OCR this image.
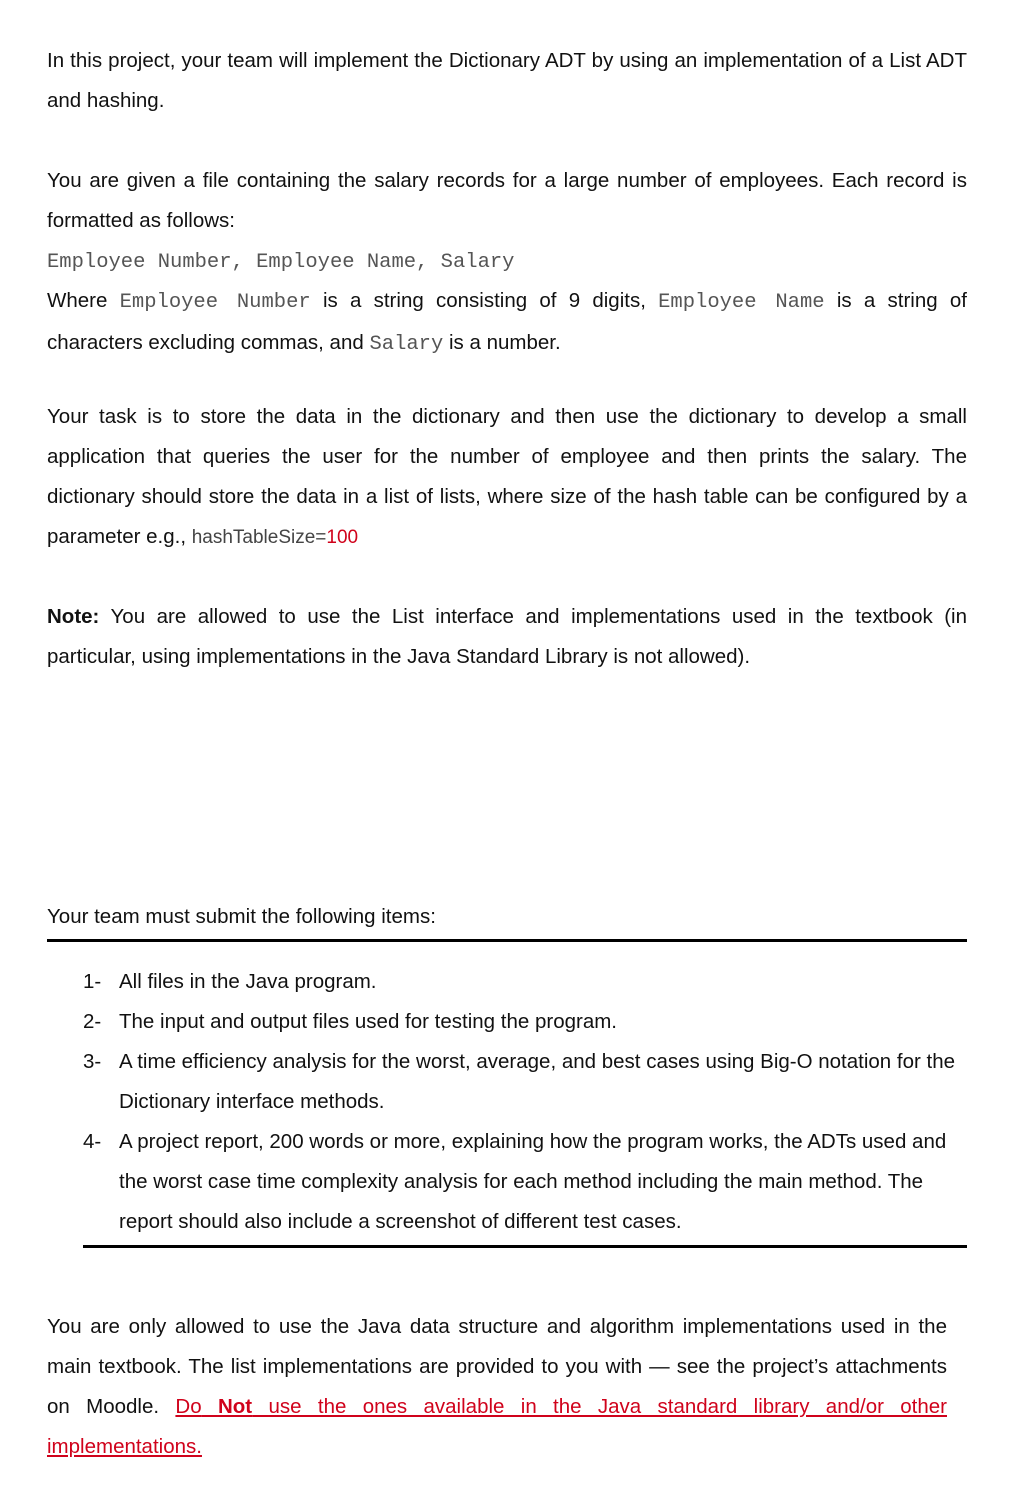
In this project, your team will implement the Dictionary ADT by using an implementation of a List ADT and hashing.

You are given a file containing the salary records for a large number of employees. Each record is formatted as follows:
Employee Number, Employee Name, Salary
Where Employee Number is a string consisting of 9 digits, Employee Name is a string of characters excluding commas, and Salary is a number.

Your task is to store the data in the dictionary and then use the dictionary to develop a small application that queries the user for the number of employee and then prints the salary. The dictionary should store the data in a list of lists, where size of the hash table can be configured by a parameter e.g., hashTableSize=100

Note: You are allowed to use the List interface and implementations used in the textbook (in particular, using implementations in the Java Standard Library is not allowed).

Your team must submit the following items:

1- All files in the Java program.
2- The input and output files used for testing the program.
3- A time efficiency analysis for the worst, average, and best cases using Big-O notation for the Dictionary interface methods.
4- A project report, 200 words or more, explaining how the program works, the ADTs used and the worst case time complexity analysis for each method including the main method. The report should also include a screenshot of different test cases.

You are only allowed to use the Java data structure and algorithm implementations used in the main textbook. The list implementations are provided to you with — see the project’s attachments on Moodle. Do Not use the ones available in the Java standard library and/or other implementations.
